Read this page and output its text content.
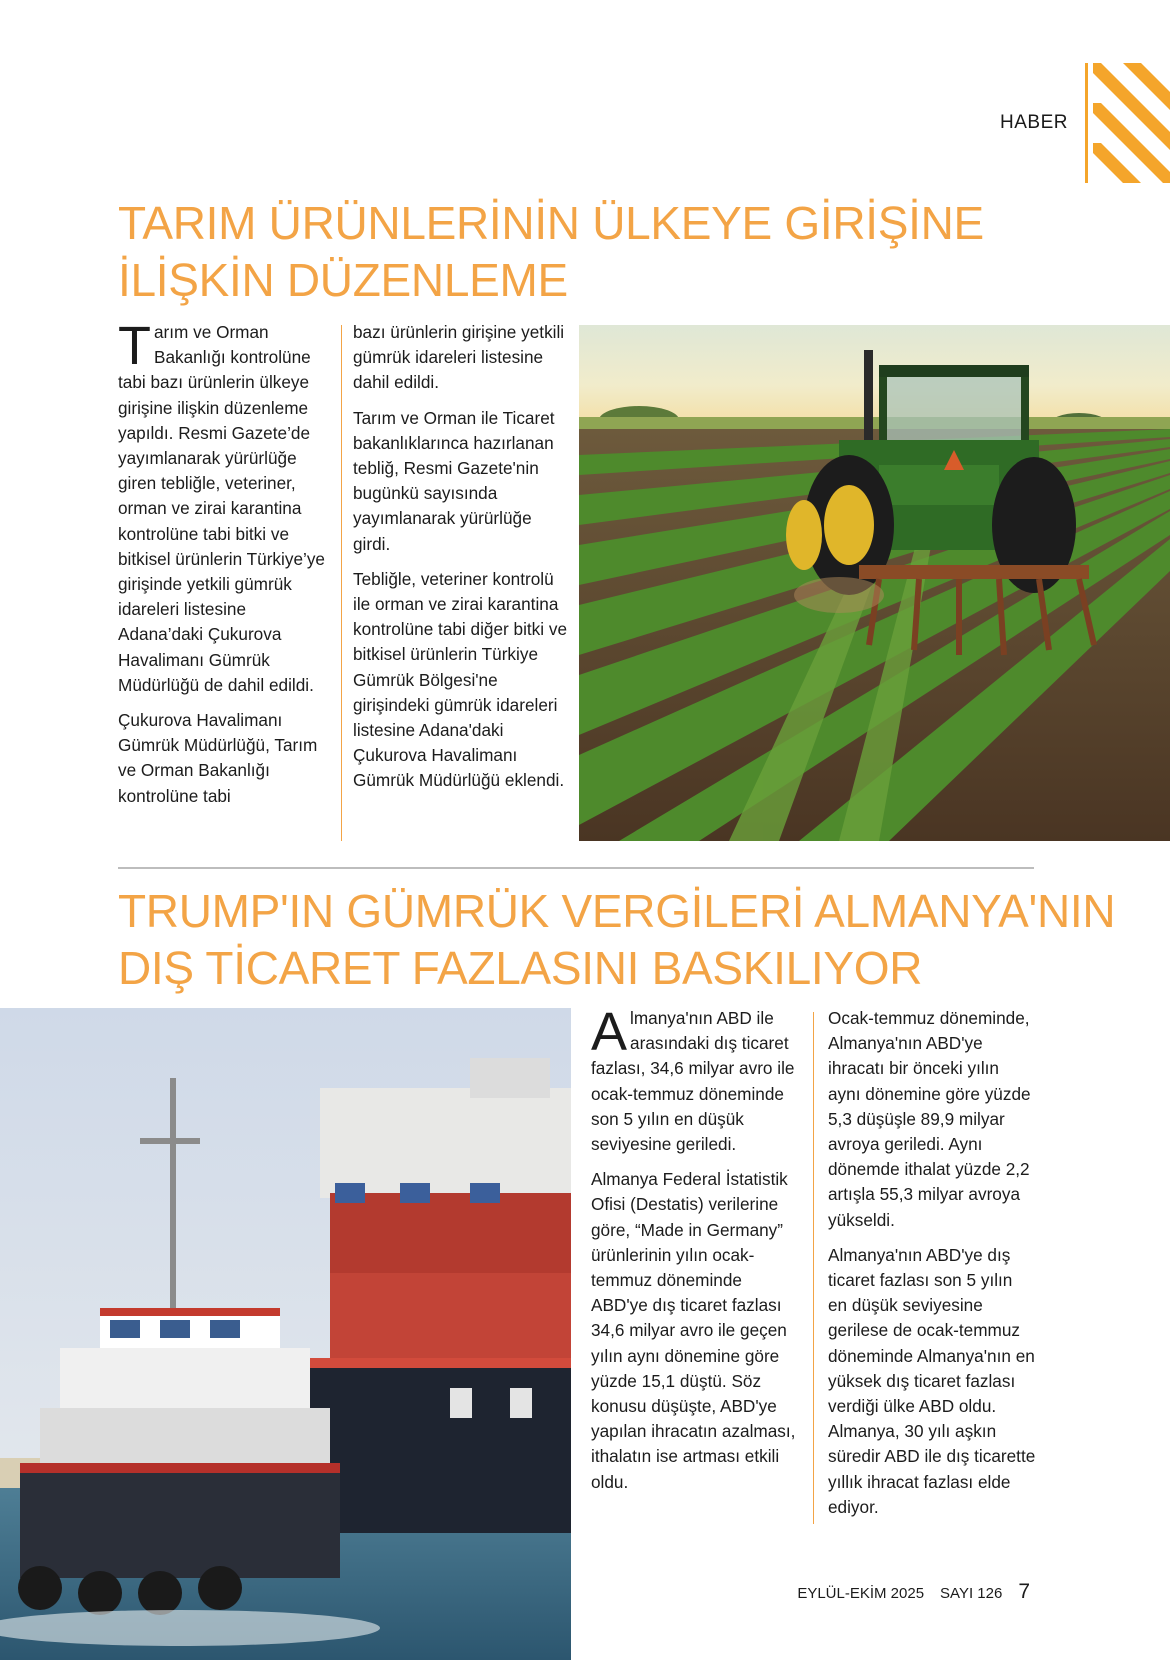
HABER
TARIM ÜRÜNLERİNİN ÜLKEYE GİRİŞİNE
İLİŞKİN DÜZENLEME

Tarım ve Orman Bakanlığı kontrolüne tabi bazı ürünlerin ülkeye girişine ilişkin düzenleme yapıldı. Resmi Gazete’de yayımlanarak yürürlüğe giren tebliğle, veteriner, orman ve zirai karantina kontrolüne tabi bitki ve bitkisel ürünlerin Türkiye’ye girişinde yetkili gümrük idareleri listesine Adana’daki Çukurova Havalimanı Gümrük Müdürlüğü de dahil edildi.

Çukurova Havalimanı Gümrük Müdürlüğü, Tarım ve Orman Bakanlığı kontrolüne tabi

bazı ürünlerin girişine yetkili gümrük idareleri listesine dahil edildi.

Tarım ve Orman ile Ticaret bakanlıklarınca hazırlanan tebliğ, Resmi Gazete'nin bugünkü sayısında yayımlanarak yürürlüğe girdi.

Tebliğle, veteriner kontrolü ile orman ve zirai karantina kontrolüne tabi diğer bitki ve bitkisel ürünlerin Türkiye Gümrük Bölgesi'ne girişindeki gümrük idareleri listesine Adana'daki Çukurova Havalimanı Gümrük Müdürlüğü eklendi.

TRUMP'IN GÜMRÜK VERGİLERİ ALMANYA'NIN
DIŞ TİCARET FAZLASINI BASKILIYOR

Almanya'nın ABD ile arasındaki dış ticaret fazlası, 34,6 milyar avro ile ocak-temmuz döneminde son 5 yılın en düşük seviyesine geriledi.

Almanya Federal İstatistik Ofisi (Destatis) verilerine göre, “Made in Germany” ürünlerinin yılın ocak-temmuz döneminde ABD'ye dış ticaret fazlası 34,6 milyar avro ile geçen yılın aynı dönemine göre yüzde 15,1 düştü. Söz konusu düşüşte, ABD'ye yapılan ihracatın azalması, ithalatın ise artması etkili oldu.

Ocak-temmuz döneminde, Almanya'nın ABD'ye ihracatı bir önceki yılın aynı dönemine göre yüzde 5,3 düşüşle 89,9 milyar avroya geriledi. Aynı dönemde ithalat yüzde 2,2 artışla 55,3 milyar avroya yükseldi.

Almanya'nın ABD'ye dış ticaret fazlası son 5 yılın en düşük seviyesine gerilese de ocak-temmuz döneminde Almanya'nın en yüksek dış ticaret fazlası verdiği ülke ABD oldu. Almanya, 30 yılı aşkın süredir ABD ile dış ticarette yıllık ihracat fazlası elde ediyor.

EYLÜL-EKİM 2025 SAYI 126 7
